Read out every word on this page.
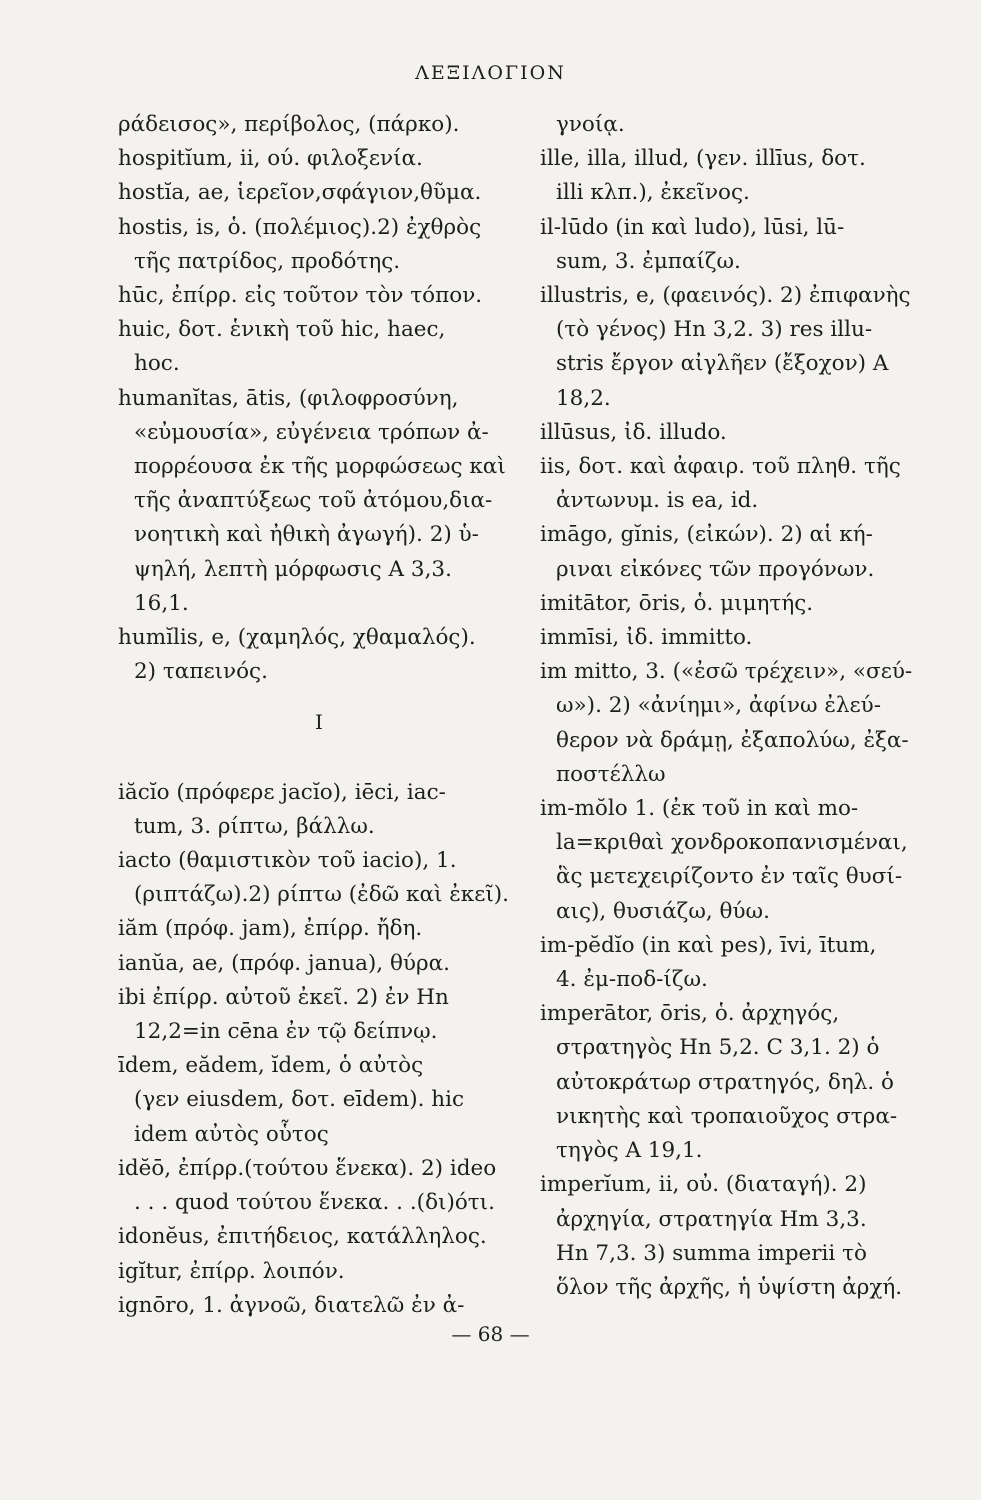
ΛΕΞΙΛΟΓΙΟΝ
ράδεισος», περίβολος, (πάρκο).
hospitĭum, ii, ού. φιλοξενία.
hostĭa, ae, ἱερεῖον,σφάγιον,θῦμα.
hostis, is, ὁ. (πολέμιος).2) ἐχθρὸς
τῆς πατρίδος, προδότης.
hūc, ἐπίρρ. εἰς τοῦτον τὸν τόπον.
huic, δοτ. ἑνικὴ τοῦ hic, haec,
hoc.
humanĭtas, ātis, (φιλοφροσύνη,
«εὐμουσία», εὐγένεια τρόπων ἀ-
πορρέουσα ἐκ τῆς μορφώσεως καὶ
τῆς ἀναπτύξεως τοῦ ἀτόμου,δια-
νοητικὴ καὶ ἠθικὴ ἀγωγή). 2) ὑ-
ψηλή, λεπτὴ μόρφωσις Α 3,3.
16,1.
humĭlis, e, (χαμηλός, χθαμαλός).
2) ταπεινός.
I
iăcĭo (πρόφερε jacĭo), iēci, iac-
tum, 3. ρίπτω, βάλλω.
iacto (θαμιστικὸν τοῦ iacio), 1.
(ριπτάζω).2) ρίπτω (ἐδῶ καὶ ἐκεῖ).
iăm (πρόφ. jam), ἐπίρρ. ἤδη.
ianŭa, ae, (πρόφ. janua), θύρα.
ibi ἐπίρρ. αὐτοῦ ἐκεῖ. 2) ἐν Hn
12,2=in cēna ἐν τῷ δείπνῳ.
īdem, eădem, ĭdem, ὁ αὐτὸς
(γεν eiusdem, δοτ. eīdem). hic
idem αὐτὸς οὗτος
idĕō, ἐπίρρ.(τούτου ἕνεκα). 2) ideo
. . . quod τούτου ἕνεκα. . .(δι)ότι.
idonĕus, ἐπιτήδειος, κατάλληλος.
igĭtur, ἐπίρρ. λοιπόν.
ignōro, 1. ἀγνοῶ, διατελῶ ἐν ἀ-
γνοίᾳ.
ille, illa, illud, (γεν. illīus, δοτ.
illi κλπ.), ἐκεῖνος.
il-lūdo (in καὶ ludo), lūsi, lū-
sum, 3. ἐμπαίζω.
illustris, e, (φαεινός). 2) ἐπιφανὴς
(τὸ γένος) Hn 3,2. 3) res illu-
stris ἔργον αἰγλῆεν (ἔξοχον) Α
18,2.
illūsus, ἰδ. illudo.
iis, δοτ. καὶ ἀφαιρ. τοῦ πληθ. τῆς
ἀντωνυμ. is ea, id.
imāgo, gĭnis, (εἰκών). 2) αἱ κή-
ριναι εἰκόνες τῶν προγόνων.
imitātor, ōris, ὁ. μιμητής.
immīsi, ἰδ. immitto.
im mitto, 3. («ἐσῶ τρέχειν», «σεύ-
ω»). 2) «ἀνίημι», ἀφίνω ἐλεύ-
θερον νὰ δράμῃ, ἐξαπολύω, ἐξα-
ποστέλλω
im-mŏlo 1. (ἐκ τοῦ in καὶ mo-
la=κριθαὶ χονδροκοπανισμέναι,
ἃς μετεχειρίζοντο ἐν ταῖς θυσί-
αις), θυσιάζω, θύω.
im-pĕdĭo (in καὶ pes), īvi, ītum,
4. ἐμ-ποδ-ίζω.
imperātor, ōris, ὁ. ἀρχηγός,
στρατηγὸς Hn 5,2. C 3,1. 2) ὁ
αὐτοκράτωρ στρατηγός, δηλ. ὁ
νικητὴς καὶ τροπαιοῦχος στρα-
τηγὸς Α 19,1.
imperĭum, ii, οὐ. (διαταγή). 2)
ἀρχηγία, στρατηγία Hm 3,3.
Hn 7,3. 3) summa imperii τὸ
ὅλον τῆς ἀρχῆς, ἡ ὑψίστη ἀρχή.
— 68 —
